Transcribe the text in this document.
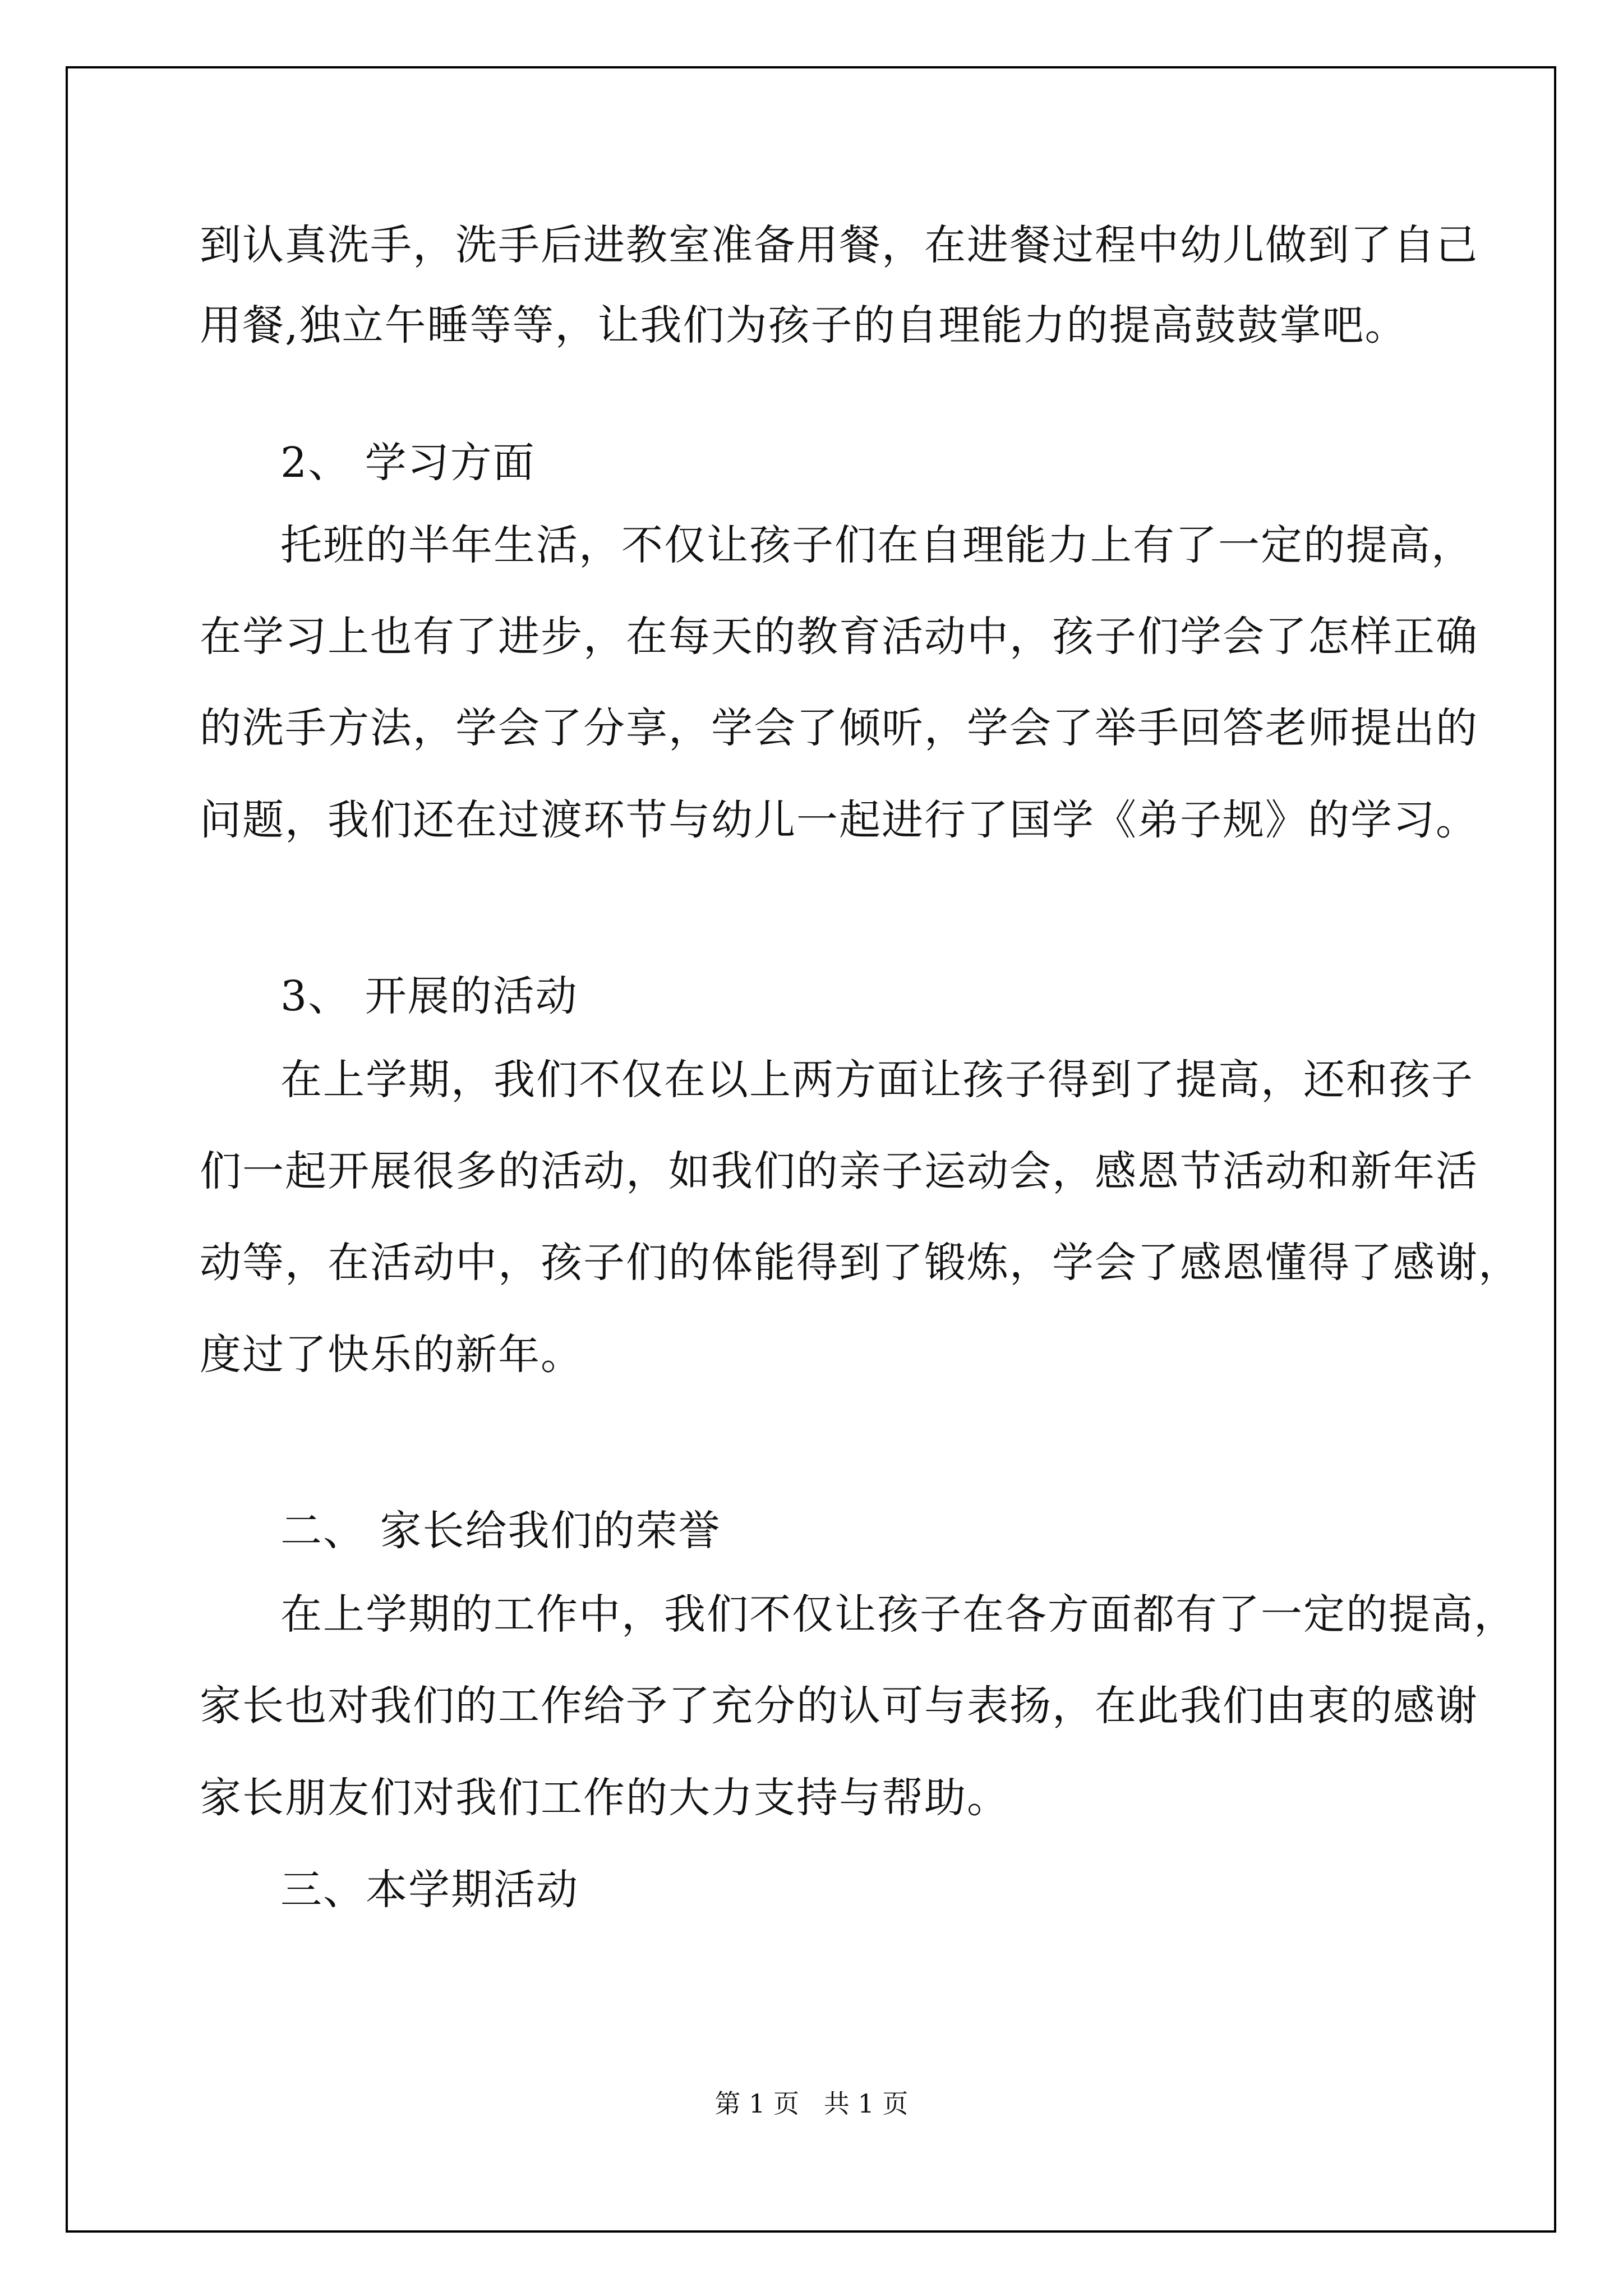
到认真洗手，洗手后进教室准备用餐，在进餐过程中幼儿做到了自己
用餐,独立午睡等等，让我们为孩子的自理能力的提高鼓鼓掌吧。
2、 学习方面
托班的半年生活，不仅让孩子们在自理能力上有了一定的提高，
在学习上也有了进步，在每天的教育活动中，孩子们学会了怎样正确
的洗手方法，学会了分享，学会了倾听，学会了举手回答老师提出的
问题，我们还在过渡环节与幼儿一起进行了国学《弟子规》的学习。
3、 开展的活动
在上学期，我们不仅在以上两方面让孩子得到了提高，还和孩子
们一起开展很多的活动，如我们的亲子运动会，感恩节活动和新年活
动等，在活动中，孩子们的体能得到了锻炼，学会了感恩懂得了感谢，
度过了快乐的新年。
二、 家长给我们的荣誉
在上学期的工作中，我们不仅让孩子在各方面都有了一定的提高，
家长也对我们的工作给予了充分的认可与表扬，在此我们由衷的感谢
家长朋友们对我们工作的大力支持与帮助。
三、本学期活动
第 1 页   共 1 页
